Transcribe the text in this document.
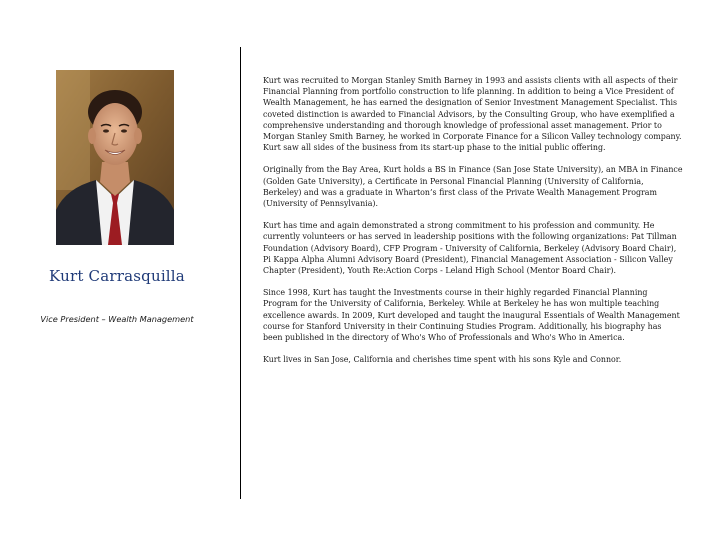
Kurt Carrasquilla
Vice President – Wealth Management

Kurt was recruited to Morgan Stanley Smith Barney in 1993 and assists clients with all aspects of their Financial Planning from portfolio construction to life planning. In addition to being a Vice President of Wealth Management, he has earned the designation of Senior Investment Management Specialist. This coveted distinction is awarded to Financial Advisors, by the Consulting Group, who have exemplified a comprehensive understanding and thorough knowledge of professional asset management. Prior to Morgan Stanley Smith Barney, he worked in Corporate Finance for a Silicon Valley technology company. Kurt saw all sides of the business from its start-up phase to the initial public offering.

Originally from the Bay Area, Kurt holds a BS in Finance (San Jose State University), an MBA in Finance (Golden Gate University), a Certificate in Personal Financial Planning (University of California, Berkeley) and was a graduate in Wharton’s first class of the Private Wealth Management Program (University of Pennsylvania).

Kurt has time and again demonstrated a strong commitment to his profession and community. He currently volunteers or has served in leadership positions with the following organizations: Pat Tillman Foundation (Advisory Board), CFP Program - University of California, Berkeley (Advisory Board Chair), Pi Kappa Alpha Alumni Advisory Board (President), Financial Management Association - Silicon Valley Chapter (President), Youth Re:Action Corps - Leland High School (Mentor Board Chair).

Since 1998, Kurt has taught the Investments course in their highly regarded Financial Planning Program for the University of California, Berkeley. While at Berkeley he has won multiple teaching excellence awards. In 2009, Kurt developed and taught the inaugural Essentials of Wealth Management course for Stanford University in their Continuing Studies Program. Additionally, his biography has been published in the directory of Who's Who of Professionals and Who's Who in America.

Kurt lives in San Jose, California and cherishes time spent with his sons Kyle and Connor.
